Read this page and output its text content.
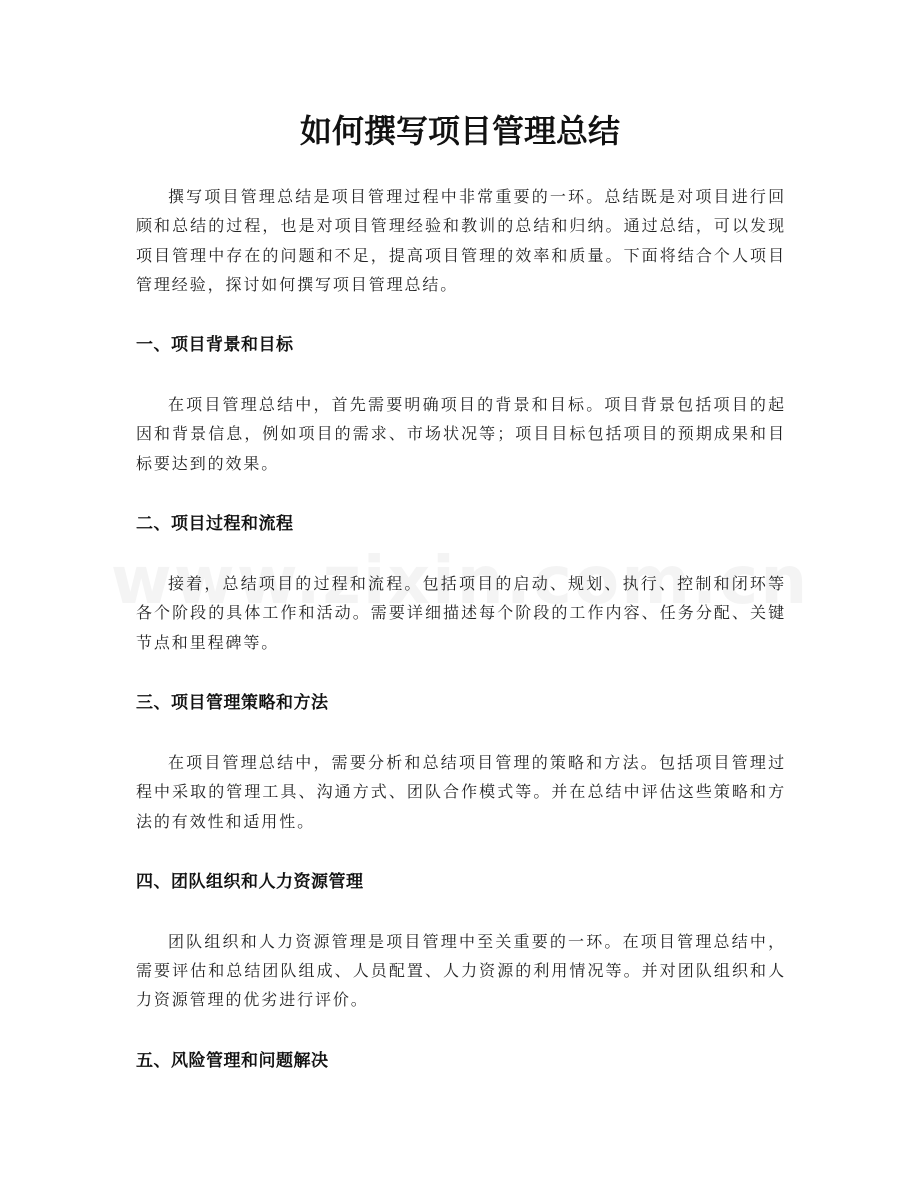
如何撰写项目管理总结

撰写项目管理总结是项目管理过程中非常重要的一环。总结既是对项目进行回顾和总结的过程，也是对项目管理经验和教训的总结和归纳。通过总结，可以发现项目管理中存在的问题和不足，提高项目管理的效率和质量。下面将结合个人项目管理经验，探讨如何撰写项目管理总结。

一、项目背景和目标

在项目管理总结中，首先需要明确项目的背景和目标。项目背景包括项目的起因和背景信息，例如项目的需求、市场状况等；项目目标包括项目的预期成果和目标要达到的效果。

二、项目过程和流程

接着，总结项目的过程和流程。包括项目的启动、规划、执行、控制和闭环等各个阶段的具体工作和活动。需要详细描述每个阶段的工作内容、任务分配、关键节点和里程碑等。

三、项目管理策略和方法

在项目管理总结中，需要分析和总结项目管理的策略和方法。包括项目管理过程中采取的管理工具、沟通方式、团队合作模式等。并在总结中评估这些策略和方法的有效性和适用性。

四、团队组织和人力资源管理

团队组织和人力资源管理是项目管理中至关重要的一环。在项目管理总结中，需要评估和总结团队组成、人员配置、人力资源的利用情况等。并对团队组织和人力资源管理的优劣进行评价。

五、风险管理和问题解决
